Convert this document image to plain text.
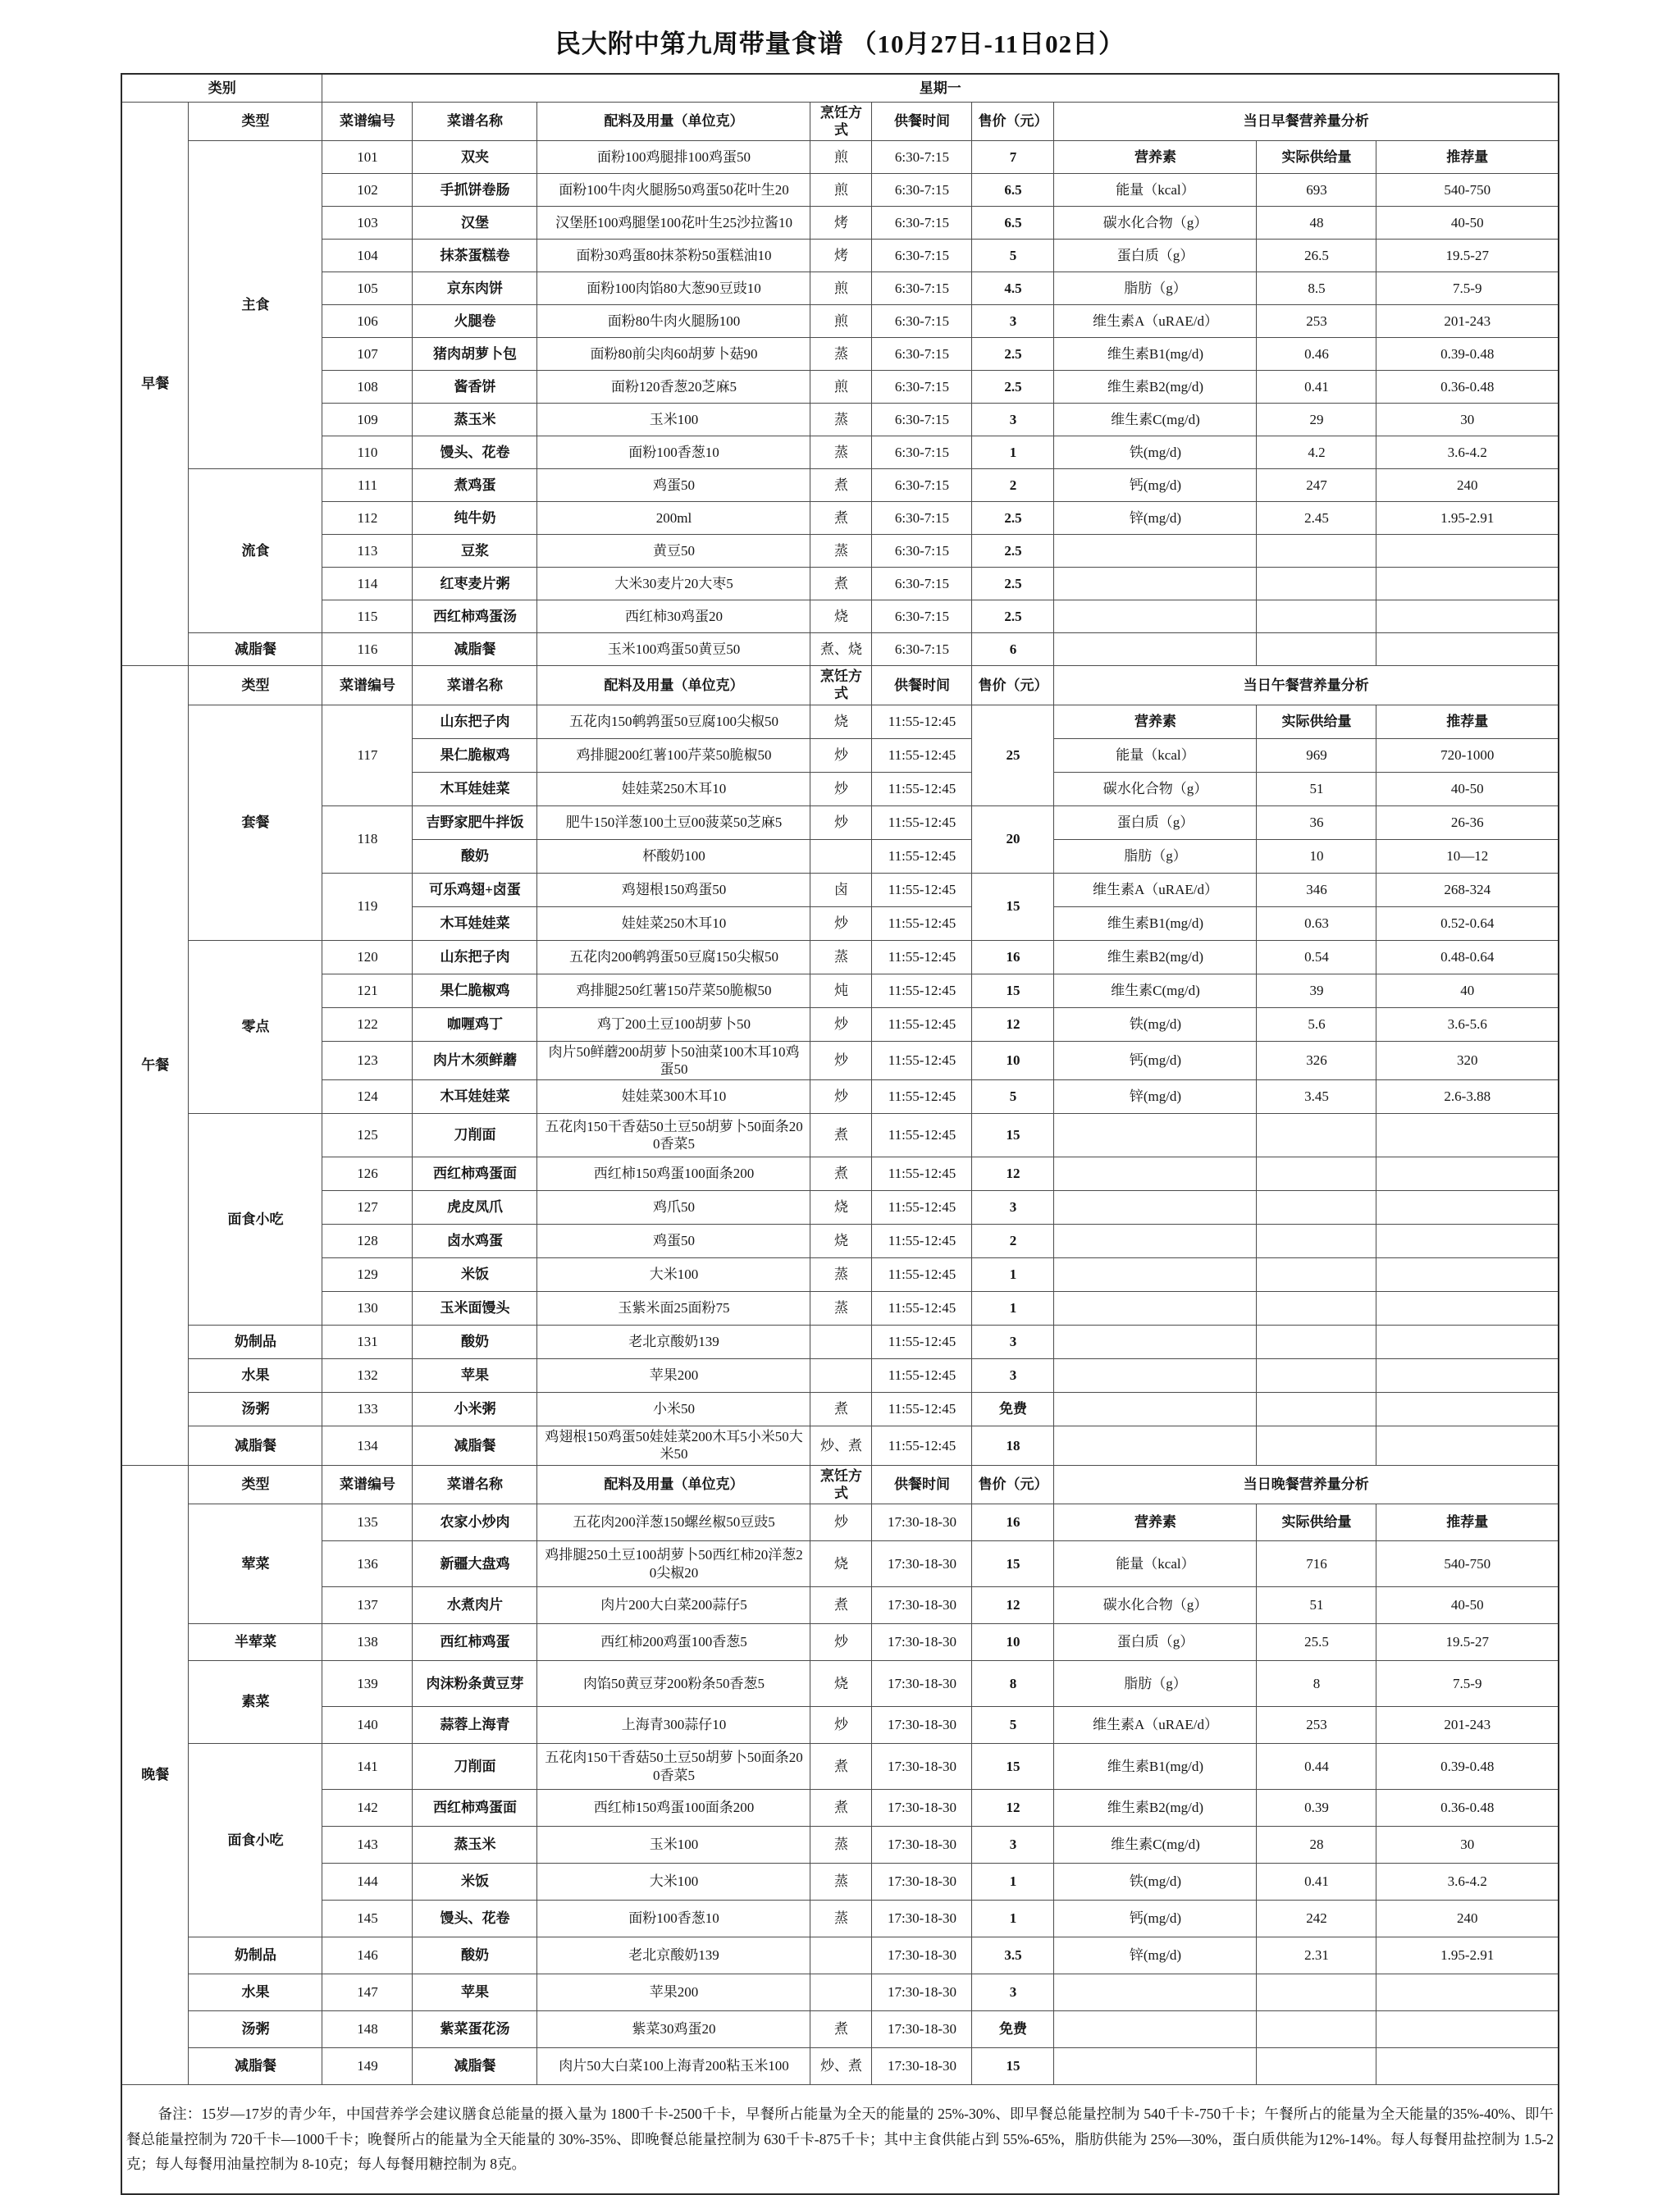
民大附中第九周带量食谱 （10月27日-11日02日）
类别		星期一								
早餐	类型	菜谱编号	菜谱名称	配料及用量（单位克）	烹饪方式	供餐时间	售价（元）	当日早餐营养量分析		
	主食	101	双夹	面粉100鸡腿排100鸡蛋50	煎	6:30-7:15	7	营养素	实际供给量	推荐量
		102	手抓饼卷肠	面粉100牛肉火腿肠50鸡蛋50花叶生20	煎	6:30-7:15	6.5	能量（kcal）	693	540-750
		103	汉堡	汉堡胚100鸡腿堡100花叶生25沙拉酱10	烤	6:30-7:15	6.5	碳水化合物（g）	48	40-50
		104	抹茶蛋糕卷	面粉30鸡蛋80抹茶粉50蛋糕油10	烤	6:30-7:15	5	蛋白质（g）	26.5	19.5-27
		105	京东肉饼	面粉100肉馅80大葱90豆豉10	煎	6:30-7:15	4.5	脂肪（g）	8.5	7.5-9
		106	火腿卷	面粉80牛肉火腿肠100	煎	6:30-7:15	3	维生素A（uRAE/d）	253	201-243
		107	猪肉胡萝卜包	面粉80前尖肉60胡萝卜菇90	蒸	6:30-7:15	2.5	维生素B1(mg/d)	0.46	0.39-0.48
		108	酱香饼	面粉120香葱20芝麻5	煎	6:30-7:15	2.5	维生素B2(mg/d)	0.41	0.36-0.48
		109	蒸玉米	玉米100	蒸	6:30-7:15	3	维生素C(mg/d)	29	30
		110	馒头、花卷	面粉100香葱10	蒸	6:30-7:15	1	铁(mg/d)	4.2	3.6-4.2
	流食	111	煮鸡蛋	鸡蛋50	煮	6:30-7:15	2	钙(mg/d)	247	240
		112	纯牛奶	200ml	煮	6:30-7:15	2.5	锌(mg/d)	2.45	1.95-2.91
		113	豆浆	黄豆50	蒸	6:30-7:15	2.5			
		114	红枣麦片粥	大米30麦片20大枣5	煮	6:30-7:15	2.5			
		115	西红柿鸡蛋汤	西红柿30鸡蛋20	烧	6:30-7:15	2.5			
	减脂餐	116	减脂餐	玉米100鸡蛋50黄豆50	煮、烧	6:30-7:15	6			
午餐	类型	菜谱编号	菜谱名称	配料及用量（单位克）	烹饪方式	供餐时间	售价（元）	当日午餐营养量分析		
	套餐	117	山东把子肉	五花肉150鹌鹑蛋50豆腐100尖椒50	烧	11:55-12:45	25	营养素	实际供给量	推荐量
			果仁脆椒鸡	鸡排腿200红薯100芹菜50脆椒50	炒	11:55-12:45		能量（kcal）	969	720-1000
			木耳娃娃菜	娃娃菜250木耳10	炒	11:55-12:45		碳水化合物（g）	51	40-50
		118	吉野家肥牛拌饭	肥牛150洋葱100土豆00菠菜50芝麻5	炒	11:55-12:45	20	蛋白质（g）	36	26-36
			酸奶	杯酸奶100		11:55-12:45		脂肪（g）	10	10—12
		119	可乐鸡翅+卤蛋	鸡翅根150鸡蛋50	卤	11:55-12:45	15	维生素A（uRAE/d）	346	268-324
			木耳娃娃菜	娃娃菜250木耳10	炒	11:55-12:45		维生素B1(mg/d)	0.63	0.52-0.64
	零点	120	山东把子肉	五花肉200鹌鹑蛋50豆腐150尖椒50	蒸	11:55-12:45	16	维生素B2(mg/d)	0.54	0.48-0.64
		121	果仁脆椒鸡	鸡排腿250红薯150芹菜50脆椒50	炖	11:55-12:45	15	维生素C(mg/d)	39	40
		122	咖喱鸡丁	鸡丁200土豆100胡萝卜50	炒	11:55-12:45	12	铁(mg/d)	5.6	3.6-5.6
		123	肉片木须鲜蘑	肉片50鲜蘑200胡萝卜50油菜100木耳10鸡蛋50	炒	11:55-12:45	10	钙(mg/d)	326	320
		124	木耳娃娃菜	娃娃菜300木耳10	炒	11:55-12:45	5	锌(mg/d)	3.45	2.6-3.88
	面食小吃	125	刀削面	五花肉150干香菇50土豆50胡萝卜50面条200香菜5	煮	11:55-12:45	15			
		126	西红柿鸡蛋面	西红柿150鸡蛋100面条200	煮	11:55-12:45	12			
		127	虎皮凤爪	鸡爪50	烧	11:55-12:45	3			
		128	卤水鸡蛋	鸡蛋50	烧	11:55-12:45	2			
		129	米饭	大米100	蒸	11:55-12:45	1			
		130	玉米面馒头	玉紫米面25面粉75	蒸	11:55-12:45	1			
	奶制品	131	酸奶	老北京酸奶139		11:55-12:45	3			
	水果	132	苹果	苹果200		11:55-12:45	3			
	汤粥	133	小米粥	小米50	煮	11:55-12:45	免费			
	减脂餐	134	减脂餐	鸡翅根150鸡蛋50娃娃菜200木耳5小米50大米50	炒、煮	11:55-12:45	18			
晚餐	类型	菜谱编号	菜谱名称	配料及用量（单位克）	烹饪方式	供餐时间	售价（元）	当日晚餐营养量分析		
	荤菜	135	农家小炒肉	五花肉200洋葱150螺丝椒50豆豉5	炒	17:30-18-30	16	营养素	实际供给量	推荐量
		136	新疆大盘鸡	鸡排腿250土豆100胡萝卜50西红柿20洋葱20尖椒20	烧	17:30-18-30	15	能量（kcal）	716	540-750
		137	水煮肉片	肉片200大白菜200蒜仔5	煮	17:30-18-30	12	碳水化合物（g）	51	40-50
	半荤菜	138	西红柿鸡蛋	西红柿200鸡蛋100香葱5	炒	17:30-18-30	10	蛋白质（g）	25.5	19.5-27
	素菜	139	肉沫粉条黄豆芽	肉馅50黄豆芽200粉条50香葱5	烧	17:30-18-30	8	脂肪（g）	8	7.5-9
		140	蒜蓉上海青	上海青300蒜仔10	炒	17:30-18-30	5	维生素A（uRAE/d）	253	201-243
	面食小吃	141	刀削面	五花肉150干香菇50土豆50胡萝卜50面条200香菜5	煮	17:30-18-30	15	维生素B1(mg/d)	0.44	0.39-0.48
		142	西红柿鸡蛋面	西红柿150鸡蛋100面条200	煮	17:30-18-30	12	维生素B2(mg/d)	0.39	0.36-0.48
		143	蒸玉米	玉米100	蒸	17:30-18-30	3	维生素C(mg/d)	28	30
		144	米饭	大米100	蒸	17:30-18-30	1	铁(mg/d)	0.41	3.6-4.2
		145	馒头、花卷	面粉100香葱10	蒸	17:30-18-30	1	钙(mg/d)	242	240
	奶制品	146	酸奶	老北京酸奶139		17:30-18-30	3.5	锌(mg/d)	2.31	1.95-2.91
	水果	147	苹果	苹果200		17:30-18-30	3			
	汤粥	148	紫菜蛋花汤	紫菜30鸡蛋20	煮	17:30-18-30	免费			
	减脂餐	149	减脂餐	肉片50大白菜100上海青200粘玉米100	炒、煮	17:30-18-30	15			

备注：15岁—17岁的青少年，中国营养学会建议膳食总能量的摄入量为 1800千卡-2500千卡，早餐所占能量为全天的能量的 25%-30%、即早餐总能量控制为 540千卡-750千卡；午餐所占的能量为全天能量的35%-40%、即午餐总能量控制为 720千卡—1000千卡；晚餐所占的能量为全天能量的 30%-35%、即晚餐总能量控制为 630千卡-875千卡；其中主食供能占到 55%-65%，脂肪供能为 25%—30%，蛋白质供能为12%-14%。每人每餐用盐控制为 1.5-2克；每人每餐用油量控制为 8-10克；每人每餐用糖控制为 8克。										
